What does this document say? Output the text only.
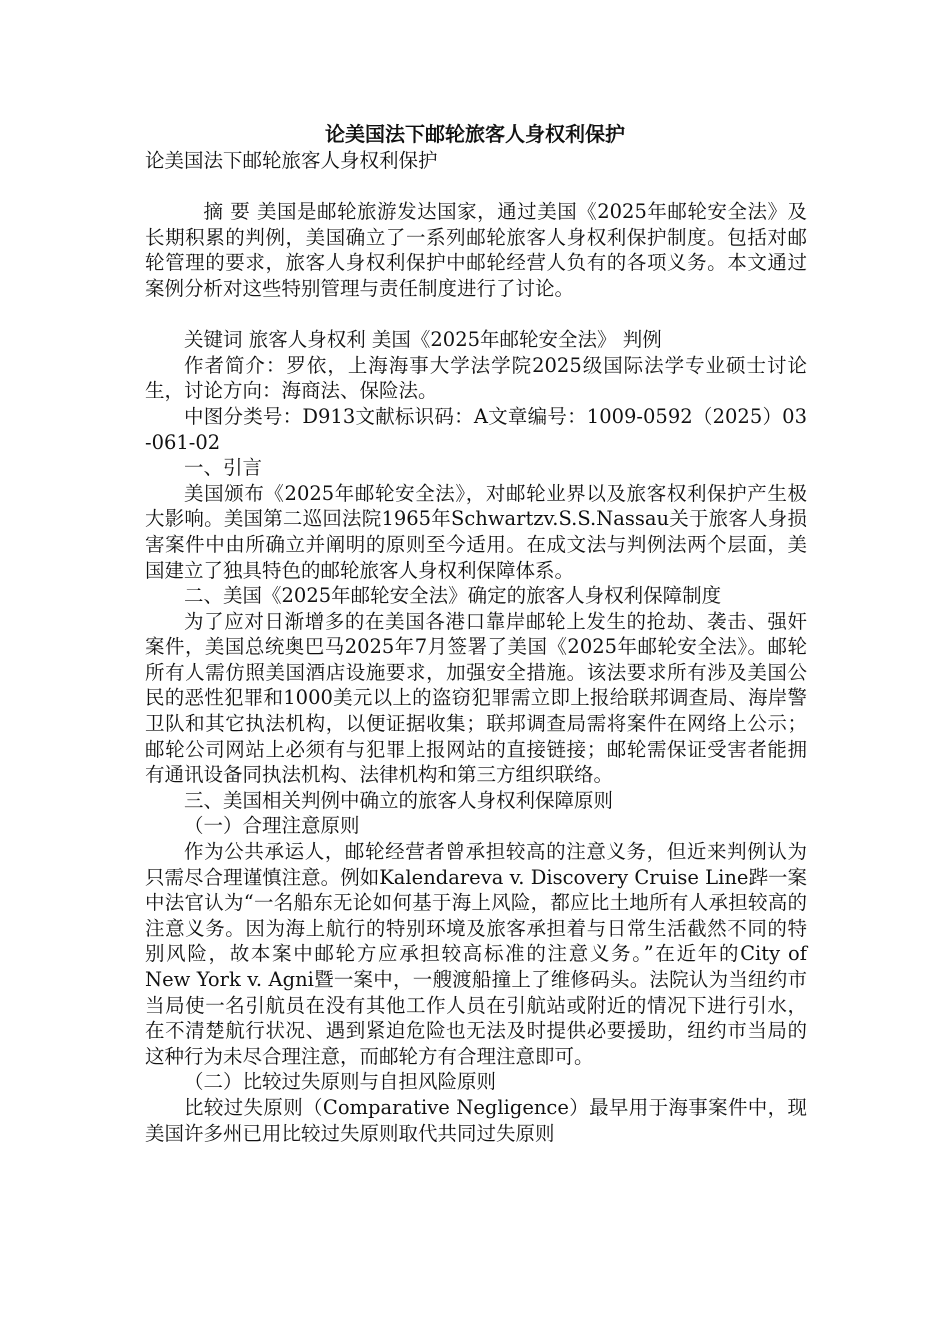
论美国法下邮轮旅客人身权利保护

论美国法下邮轮旅客人身权利保护

摘 要 美国是邮轮旅游发达国家，通过美国《2025年邮轮安全法》及长期积累的判例，美国确立了一系列邮轮旅客人身权利保护制度。包括对邮轮管理的要求，旅客人身权利保护中邮轮经营人负有的各项义务。本文通过案例分析对这些特别管理与责任制度进行了讨论。

关键词 旅客人身权利 美国《2025年邮轮安全法》 判例

作者简介：罗依，上海海事大学法学院2025级国际法学专业硕士讨论生，讨论方向：海商法、保险法。

中图分类号：D913文献标识码：A文章编号：1009-0592（2025）03-061-02

一、引言

美国颁布《2025年邮轮安全法》，对邮轮业界以及旅客权利保护产生极大影响。美国第二巡回法院1965年Schwartzv.S.S.Nassau关于旅客人身损害案件中由所确立并阐明的原则至今适用。在成文法与判例法两个层面，美国建立了独具特色的邮轮旅客人身权利保障体系。

二、美国《2025年邮轮安全法》确定的旅客人身权利保障制度

为了应对日渐增多的在美国各港口靠岸邮轮上发生的抢劫、袭击、强奸案件，美国总统奥巴马2025年7月签署了美国《2025年邮轮安全法》。邮轮所有人需仿照美国酒店设施要求，加强安全措施。该法要求所有涉及美国公民的恶性犯罪和1000美元以上的盗窃犯罪需立即上报给联邦调查局、海岸警卫队和其它执法机构，以便证据收集；联邦调查局需将案件在网络上公示；邮轮公司网站上必须有与犯罪上报网站的直接链接；邮轮需保证受害者能拥有通讯设备同执法机构、法律机构和第三方组织联络。

三、美国相关判例中确立的旅客人身权利保障原则

（一）合理注意原则

作为公共承运人，邮轮经营者曾承担较高的注意义务，但近来判例认为只需尽合理谨慎注意。例如Kalendareva v. Discovery Cruise Line跸一案中法官认为“一名船东无论如何基于海上风险，都应比土地所有人承担较高的注意义务。因为海上航行的特别环境及旅客承担着与日常生活截然不同的特别风险，故本案中邮轮方应承担较高标准的注意义务。”在近年的City of New York v. Agni暨一案中，一艘渡船撞上了维修码头。法院认为当纽约市当局使一名引航员在没有其他工作人员在引航站或附近的情况下进行引水，在不清楚航行状况、遇到紧迫危险也无法及时提供必要援助，纽约市当局的这种行为未尽合理注意，而邮轮方有合理注意即可。

（二）比较过失原则与自担风险原则

比较过失原则（Comparative Negligence）最早用于海事案件中，现美国许多州已用比较过失原则取代共同过失原则
